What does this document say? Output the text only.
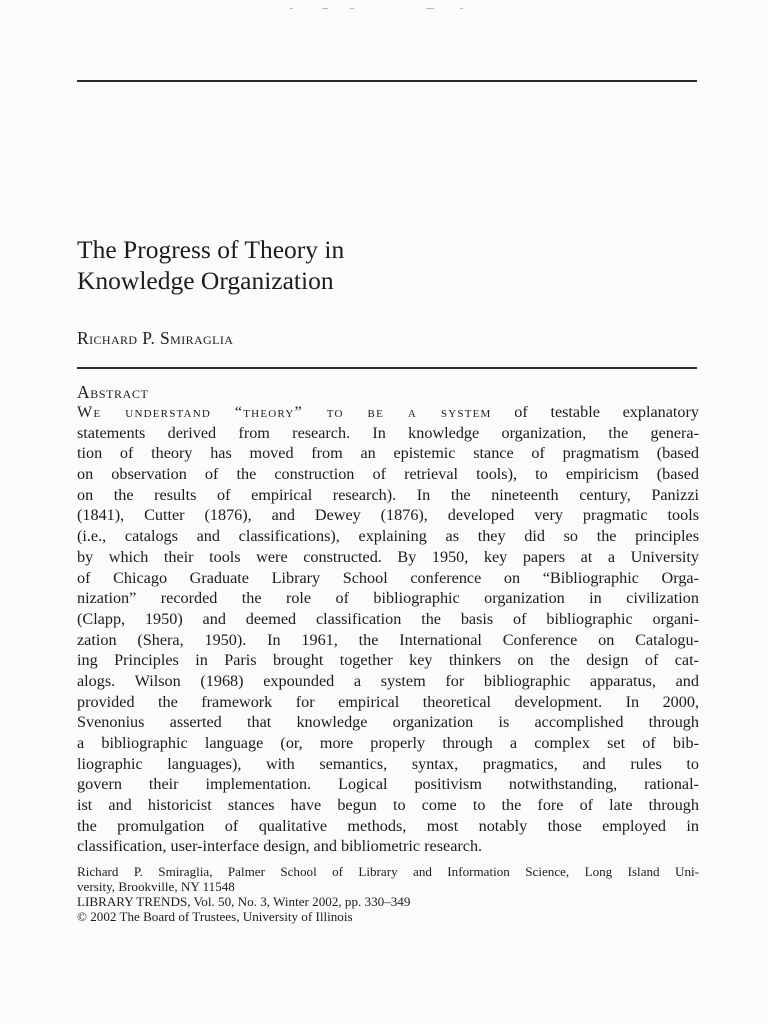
The Progress of Theory in
Knowledge Organization
Richard P. Smiraglia
Abstract
We understand “theory” to be a system of testable explanatory
statements derived from research. In knowledge organization, the genera-
tion of theory has moved from an epistemic stance of pragmatism (based
on observation of the construction of retrieval tools), to empiricism (based
on the results of empirical research). In the nineteenth century, Panizzi
(1841), Cutter (1876), and Dewey (1876), developed very pragmatic tools
(i.e., catalogs and classifications), explaining as they did so the principles
by which their tools were constructed. By 1950, key papers at a University
of Chicago Graduate Library School conference on “Bibliographic Orga-
nization” recorded the role of bibliographic organization in civilization
(Clapp, 1950) and deemed classification the basis of bibliographic organi-
zation (Shera, 1950). In 1961, the International Conference on Catalogu-
ing Principles in Paris brought together key thinkers on the design of cat-
alogs. Wilson (1968) expounded a system for bibliographic apparatus, and
provided the framework for empirical theoretical development. In 2000,
Svenonius asserted that knowledge organization is accomplished through
a bibliographic language (or, more properly through a complex set of bib-
liographic languages), with semantics, syntax, pragmatics, and rules to
govern their implementation. Logical positivism notwithstanding, rational-
ist and historicist stances have begun to come to the fore of late through
the promulgation of qualitative methods, most notably those employed in
classification, user-interface design, and bibliometric research.
Richard P. Smiraglia, Palmer School of Library and Information Science, Long Island Uni-
versity, Brookville, NY 11548
LIBRARY TRENDS, Vol. 50, No. 3, Winter 2002, pp. 330–349
© 2002 The Board of Trustees, University of Illinois
